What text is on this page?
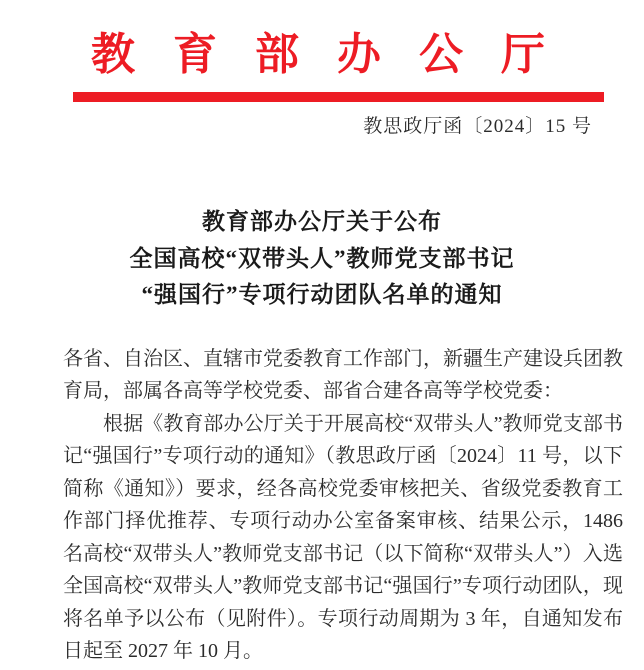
教育部办公厅
教思政厅函〔2024〕15 号
教育部办公厅关于公布
全国高校“双带头人”教师党支部书记
“强国行”专项行动团队名单的通知

各省、自治区、直辖市党委教育工作部门，新疆生产建设兵团教育局，部属各高等学校党委、部省合建各高等学校党委：

根据《教育部办公厅关于开展高校“双带头人”教师党支部书记“强国行”专项行动的通知》（教思政厅函〔2024〕11 号，以下简称《通知》）要求，经各高校党委审核把关、省级党委教育工作部门择优推荐、专项行动办公室备案审核、结果公示，1486 名高校“双带头人”教师党支部书记（以下简称“双带头人”）入选全国高校“双带头人”教师党支部书记“强国行”专项行动团队，现将名单予以公布（见附件）。专项行动周期为 3 年，自通知发布日起至 2027 年 10 月。
